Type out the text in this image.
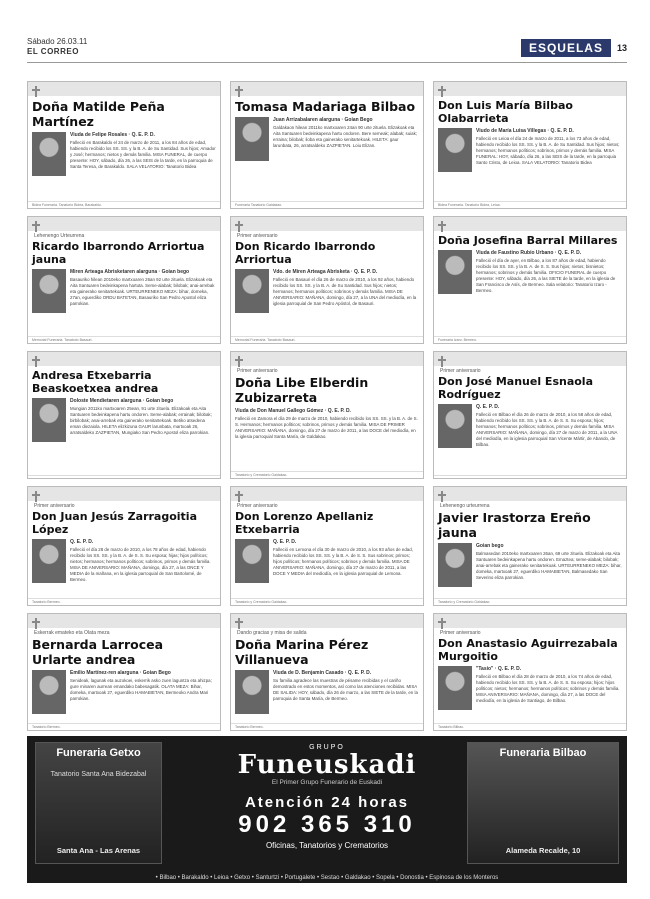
Sábado 26.03.11
EL CORREO	ESQUELAS	13
Doña Matilde Peña Martínez
Viuda de Felipe Rosales · Q. E. P. D.
Falleció en Barakaldo el 24 de marzo de 2011, a los 84 años de edad, habiendo recibido los SS. SS. y la B. A. de Su Santidad. Sus hijos; Amador y José; hermanos; nietos y demás familia. MISA FUNERAL, de cuerpo presente: HOY, sábado, día 26, a las SEIS de la tarde, en la parroquia de Santa Teresa, de Barakaldo. SALA VELATORIO: Tanatorio Bidea
Bidea Funeraria. Tanatorio Bidea, Barakaldo.
Tomasa Madariaga Bilbao
Juan Arrizabalaren alarguna · Goian Bego
Galdakaon hilean 2011ko martxoaren 24an 90 urte zituela. Elizakoak eta Aita Santuaren bedeinkapena hartu ondoren. Bere semeak; alabak; suiak; erraina; bilobak; iloba eta gainerako senitartekoak. HILETA: gaur larunbata, 26, arratsaldeko ZAZPIETAN. Loiu Elizan.
Funeraria Tanatorio Galdakao.
Don Luis María Bilbao Olabarrieta
Viudo de María Luisa Villegas · Q. E. P. D.
Falleció en Leioa el día 24 de marzo de 2011, a los 73 años de edad, habiendo recibido los SS. SS. y la B. A. de Su Santidad. Sus hijos; nietos; hermanos; hermanos políticos; sobrinos, primos y demás familia. MISA FUNERAL: HOY, sábado, día 26, a las SEIS de la tarde, en la parroquia Santo Cristo, de Leioa. SALA VELATORIO: Tanatorio Bidea
Bidea Funeraria. Tanatorio Bidea, Leioa.
Lehenengo Urteurrena
Ricardo Ibarrondo Arriortua jauna
Miren Arteaga Abrisketaren alarguna · Goian bego
Basauriko hilean 2010eko martxoaren 26an 92 urte zituela. Elizakoak eta Aita Santuaren bedeinkapena hartuta. Seme-alabak; bilobak; anai-arrebak eta gainerako senitartekoak. URTEURRENEKO MEZA: bihar, domeka, 27an, eguerdiko ORDU BATETAN, Basauriko San Pedro Apostol eliza parrokian.
Memorial Funeraria. Tanatorio Basauri.
Primer aniversario
Don Ricardo Ibarrondo Arriortua
Vdo. de Miren Arteaga Abrisketa · Q. E. P. D.
Falleció en Basauri el día 26 de marzo de 2010, a los 92 años, habiendo recibido los SS. SS. y la B. A. de Su Santidad. Sus hijos; nietos; hermanos; hermanos políticos; sobrinos y demás familia. MISA DE ANIVERSARIO: MAÑANA, domingo, día 27, a la UNA del mediodía, en la iglesia parroquial de San Pedro Apóstol, de Basauri.
Memorial Funeraria. Tanatorio Basauri.
Doña Josefina Barral Millares
Viuda de Faustino Rubio Urbano · Q. E. P. D.
Falleció el día de ayer, en Bilbao, a los 87 años de edad, habiendo recibido los SS. SS. y la B. A. de S. S. Sus hijos; nietos; bisnietos; hermanos; sobrinos y demás familia. OFICIO FUNERAL de cuerpo presente: HOY, sábado, día 26, a las SIETE de la tarde, en la iglesia de San Francisco de Asís, de Bermeo. Sala velatorio: Tanatorio Izaro - Bermeo.
Funeraria Izaro. Bermeo.
Andresa Etxebarria Beaskoetxea andrea
Doloste Mendietaren alarguna · Goian bego
Mungian 2011ko martxoaren 25ean, 91 urte zituela. Elizakoak eta Aita Santuaren bedeinkapena hartu ondoren. Seme-alabak; errainak; bilobak; birbilobak; anai-arrebak eta gainerako senitartekoak. Betiko atsedena eman diezaiola. HILETA elizkizuna GAUR larunbata, martxoak 26, arratsaldeko ZAZPIETAN, Mungiako San Pedro Apostol eliza parrokian.
Primer aniversario
Doña Libe Elberdin Zubizarreta
Viuda de Don Manuel Gallego Gómez · Q. E. P. D.
Falleció en Zamora el día 29 de marzo de 2010, habiendo recibido los SS. SS. y la B. A. de S. S. Hermanos; hermanos políticos; sobrinos, primos y demás familia. MISA DE PRIMER ANIVERSARIO: MAÑANA, domingo, día 27 de marzo de 2011, a las DOCE del mediodía, en la iglesia parroquial Santa María, de Galdakao.
Tanatorio y Crematorio Galdakao.
Primer aniversario
Don José Manuel Esnaola Rodríguez
Q. E. P. D.
Falleció en Bilbao el día 26 de marzo de 2010, a los 58 años de edad, habiendo recibido los SS. SS. y la B. A. de S. S. Su esposa; hijos; hermanos; hermanos políticos; sobrinos, primos y demás familia. MISA ANIVERSARIO: MAÑANA, domingo, día 27 de marzo de 2011, a la UNA del mediodía, en la iglesia parroquial San Vicente Mártir, de Abando, de Bilbao.
Primer aniversario
Don Juan Jesús Zarragoitia López
Q. E. P. D.
Falleció el día 28 de marzo de 2010, a los 78 años de edad, habiendo recibido los SS. SS. y la B. A. de S. S. Su esposa; hijas; hijos políticos; nietos; hermanos; hermanos políticos; sobrinos, primos y demás familia. MISA DE ANIVERSARIO: MAÑANA, domingo, día 27, a las ONCE Y MEDIA de la mañana, en la iglesia parroquial de San Bartolomé, de Bermeo.
Tanatorio Bermeo.
Primer aniversario
Don Lorenzo Apellaniz Etxebarria
Q. E. P. D.
Falleció en Lemona el día 30 de marzo de 2010, a los 93 años de edad, habiendo recibido los SS. SS. y la B. A. de S. S. Sus sobrinos; primos; hijos políticos; hermanos políticos; sobrinos y demás familia. MISA DE ANIVERSARIO: MAÑANA, domingo, día 27 de marzo de 2011, a las DOCE Y MEDIA del mediodía, en la iglesia parroquial de Lemona.
Tanatorio y Crematorio Galdakao.
Lehenengo urteurrena
Javier Irastorza Ereño jauna
Goian bego
Balmasedan 2010eko martxoaren 26an, 69 urte zituela. Elizakoak eta Aita Santuaren bedeinkapena hartu ondoren. Emaztea; seme-alabak; bilobak; anai-arrebak eta gainerako senitartekoak. URTEURRENEKO MEZA: bihar, domeka, martxoak 27, eguerdiko HAMABIETAN, Balmasedako San Severino eliza parrokian.
Tanatorio y Crematorio Galdakao.
Eskerrak emateko eta Olata meza
Bernarda Larrocea Urlarte andrea
Emilio Martínez-ren alarguna · Goian Bego
Senideak, lagunak eta auzokoei, eskerrik asko zuen laguntza eta ahizpa; gure minaren aurrean emandako babesagatik. OLATA MEZA: Bihar, domeka, martxoak 27, eguerdiko HAMABIETAN, Bermeoko Andra Mari parrokian.
Tanatorio Bermeo.
Dando gracias y misa de salida
Doña Marina Pérez Villanueva
Viuda de D. Benjamín Casado · Q. E. P. D.
Su familia agradece las muestras de pésame recibidas y el cariño demostrado en estos momentos, así como las atenciones recibidas. MISA DE SALIDA: HOY, sábado, día 26 de marzo, a las SIETE de la tarde, en la parroquia de Santa María, de Bermeo.
Tanatorio Bermeo.
Primer aniversario
Don Anastasio Aguirrezabala Murgoitio
"Tasio" · Q. E. P. D.
Falleció en Bilbao el día 28 de marzo de 2010, a los 74 años de edad, habiendo recibido los SS. SS. y la B. A. de S. S. Su esposa; hijos; hijos políticos; nietos; hermanos; hermanos políticos; sobrinos y demás familia. MISA ANIVERSARIO: MAÑANA, domingo, día 27, a las DOCE del mediodía, en la iglesia de Santiago, de Bilbao.
Tanatorio Bilbao.
Funeraria Getxo
Tanatorio Santa Ana Bidezabal
Santa Ana - Las Arenas
GRUPO
Funeuskadi
El Primer Grupo Funerario de Euskadi
Atención 24 horas
902 365 310
Oficinas, Tanatorios y Crematorios
Funeraria Bilbao
Alameda Recalde, 10
• Bilbao • Barakaldo • Leioa • Getxo • Santurtzi • Portugalete • Sestao • Galdakao • Sopela • Donostia • Espinosa de los Monteros
